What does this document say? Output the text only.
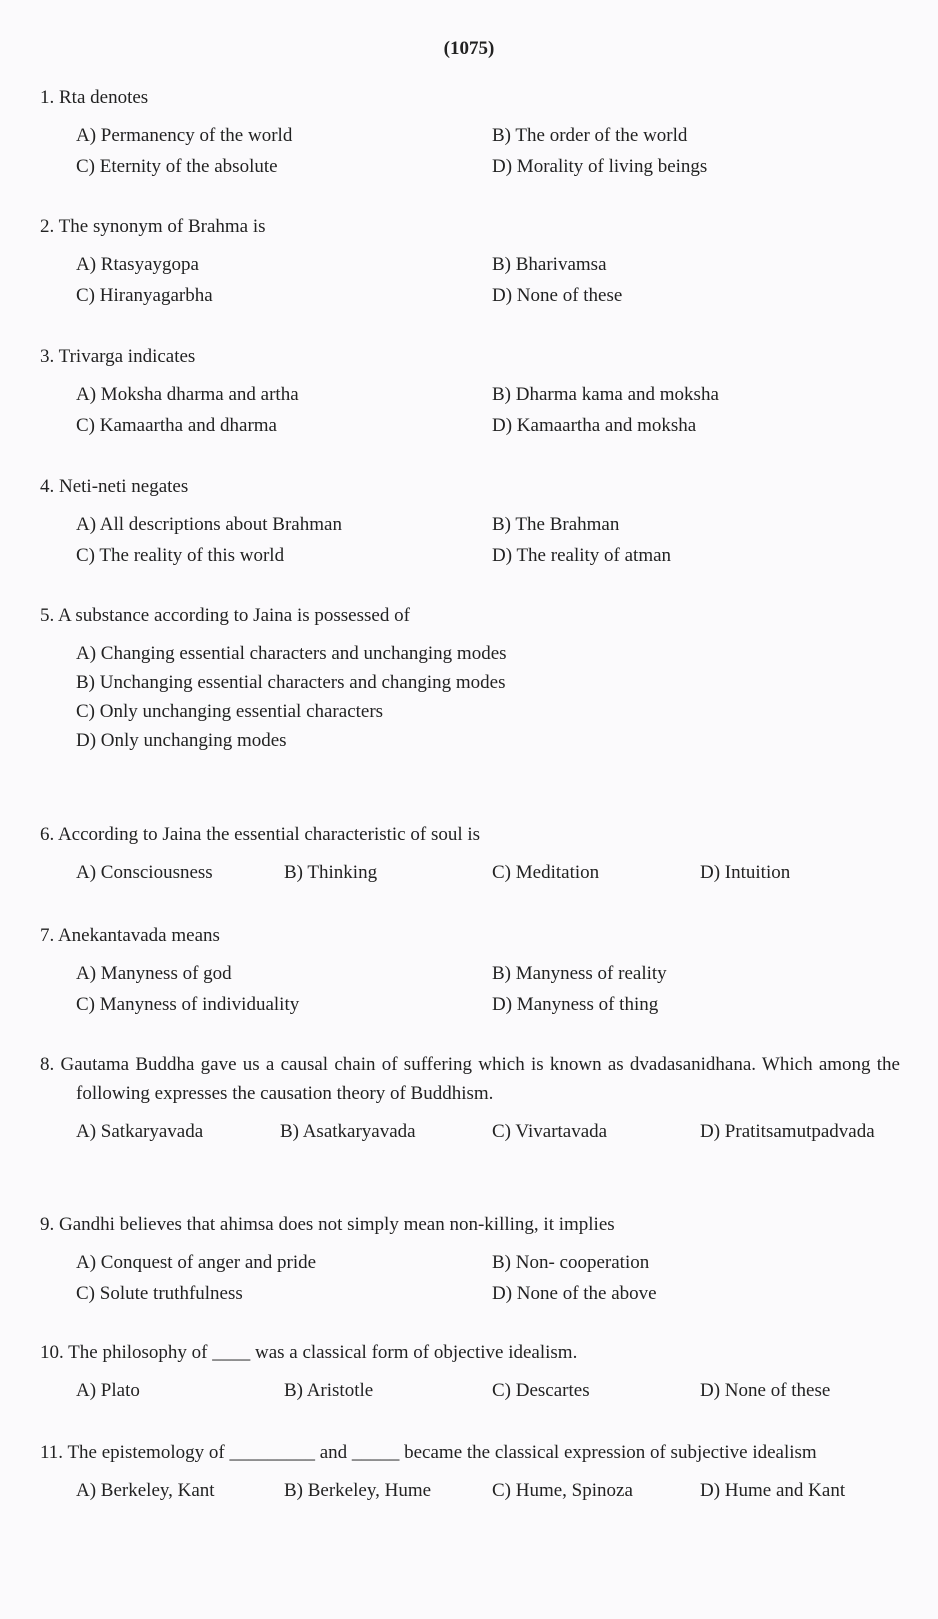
(1075)
1. Rta denotes
A) Permanency of the world	B) The order of the world
C) Eternity of the absolute	D) Morality of living beings
2. The synonym of Brahma is
A) Rtasyaygopa	B) Bharivamsa
C) Hiranyagarbha	D) None of these
3. Trivarga indicates
A) Moksha dharma and artha	B) Dharma kama and moksha
C) Kamaartha and dharma	D) Kamaartha and moksha
4. Neti-neti negates
A) All descriptions about Brahman	B) The Brahman
C) The reality of this world	D) The reality of atman
5. A substance according to Jaina is possessed of
A) Changing essential characters and unchanging modes
B) Unchanging essential characters and changing modes
C) Only unchanging essential characters
D) Only unchanging modes
6. According to Jaina the essential characteristic of soul is
A) Consciousness	B) Thinking	C) Meditation	D) Intuition
7. Anekantavada means
A) Manyness of god	B) Manyness of reality
C) Manyness of individuality	D) Manyness of thing
8. Gautama Buddha gave us a causal chain of suffering which is known as dvadasanidhana. Which among the following expresses the causation theory of Buddhism.
A) Satkaryavada	B) Asatkaryavada	C) Vivartavada	D) Pratitsamutpadvada
9. Gandhi believes that ahimsa does not simply mean non-killing, it implies
A) Conquest of anger and pride	B) Non- cooperation
C) Solute truthfulness	D) None of the above
10. The philosophy of ____ was a classical form of objective idealism.
A) Plato	B) Aristotle	C) Descartes	D) None of these
11. The epistemology of _________ and _____ became the classical expression of subjective idealism
A) Berkeley, Kant	B) Berkeley, Hume	C) Hume, Spinoza	D) Hume and Kant
